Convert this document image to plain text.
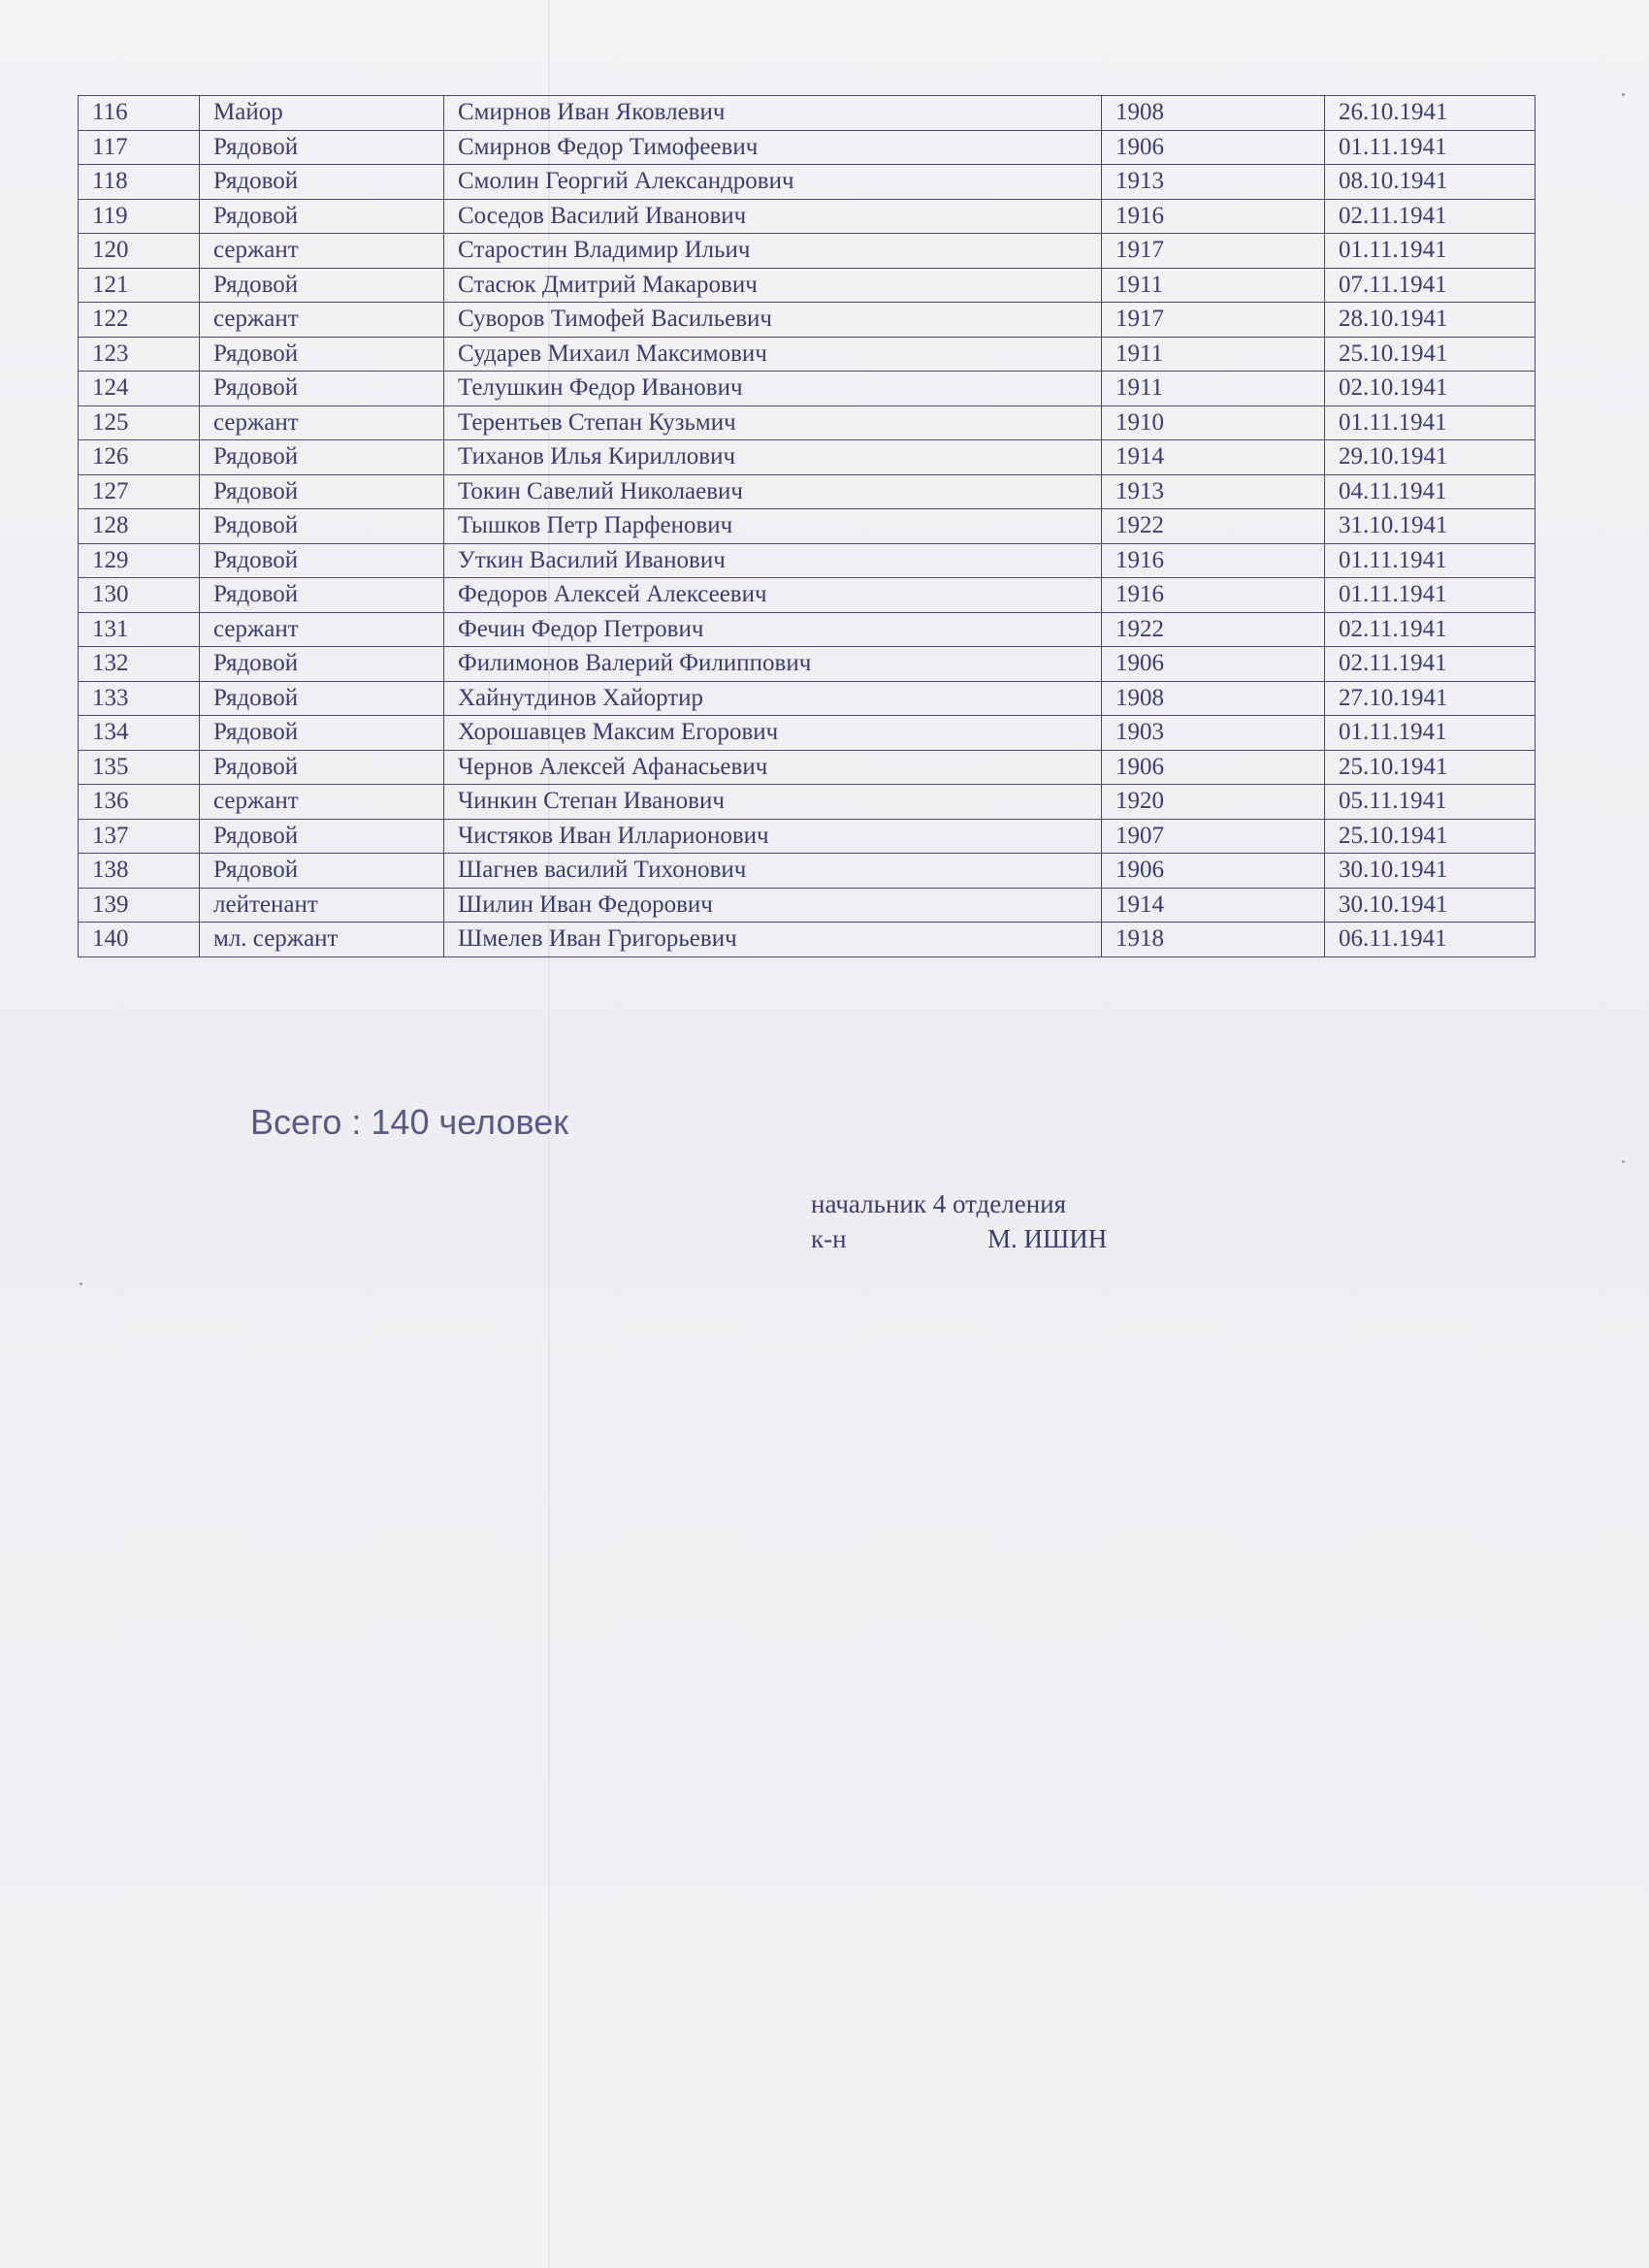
116	Майор	Смирнов Иван Яковлевич	1908	26.10.1941
117	Рядовой	Смирнов Федор Тимофеевич	1906	01.11.1941
118	Рядовой	Смолин Георгий Александрович	1913	08.10.1941
119	Рядовой	Соседов Василий Иванович	1916	02.11.1941
120	сержант	Старостин Владимир Ильич	1917	01.11.1941
121	Рядовой	Стасюк Дмитрий Макарович	1911	07.11.1941
122	сержант	Суворов Тимофей Васильевич	1917	28.10.1941
123	Рядовой	Сударев Михаил Максимович	1911	25.10.1941
124	Рядовой	Телушкин Федор Иванович	1911	02.10.1941
125	сержант	Терентьев Степан Кузьмич	1910	01.11.1941
126	Рядовой	Тиханов Илья Кириллович	1914	29.10.1941
127	Рядовой	Токин Савелий Николаевич	1913	04.11.1941
128	Рядовой	Тышков Петр Парфенович	1922	31.10.1941
129	Рядовой	Уткин Василий Иванович	1916	01.11.1941
130	Рядовой	Федоров Алексей Алексеевич	1916	01.11.1941
131	сержант	Фечин Федор Петрович	1922	02.11.1941
132	Рядовой	Филимонов Валерий Филиппович	1906	02.11.1941
133	Рядовой	Хайнутдинов Хайортир	1908	27.10.1941
134	Рядовой	Хорошавцев Максим Егорович	1903	01.11.1941
135	Рядовой	Чернов Алексей Афанасьевич	1906	25.10.1941
136	сержант	Чинкин Степан Иванович	1920	05.11.1941
137	Рядовой	Чистяков Иван Илларионович	1907	25.10.1941
138	Рядовой	Шагнев василий Тихонович	1906	30.10.1941
139	лейтенант	Шилин Иван Федорович	1914	30.10.1941
140	мл. сержант	Шмелев Иван Григорьевич	1918	06.11.1941
Всего : 140 человек
начальник 4 отделения
к-н	М. ИШИН
